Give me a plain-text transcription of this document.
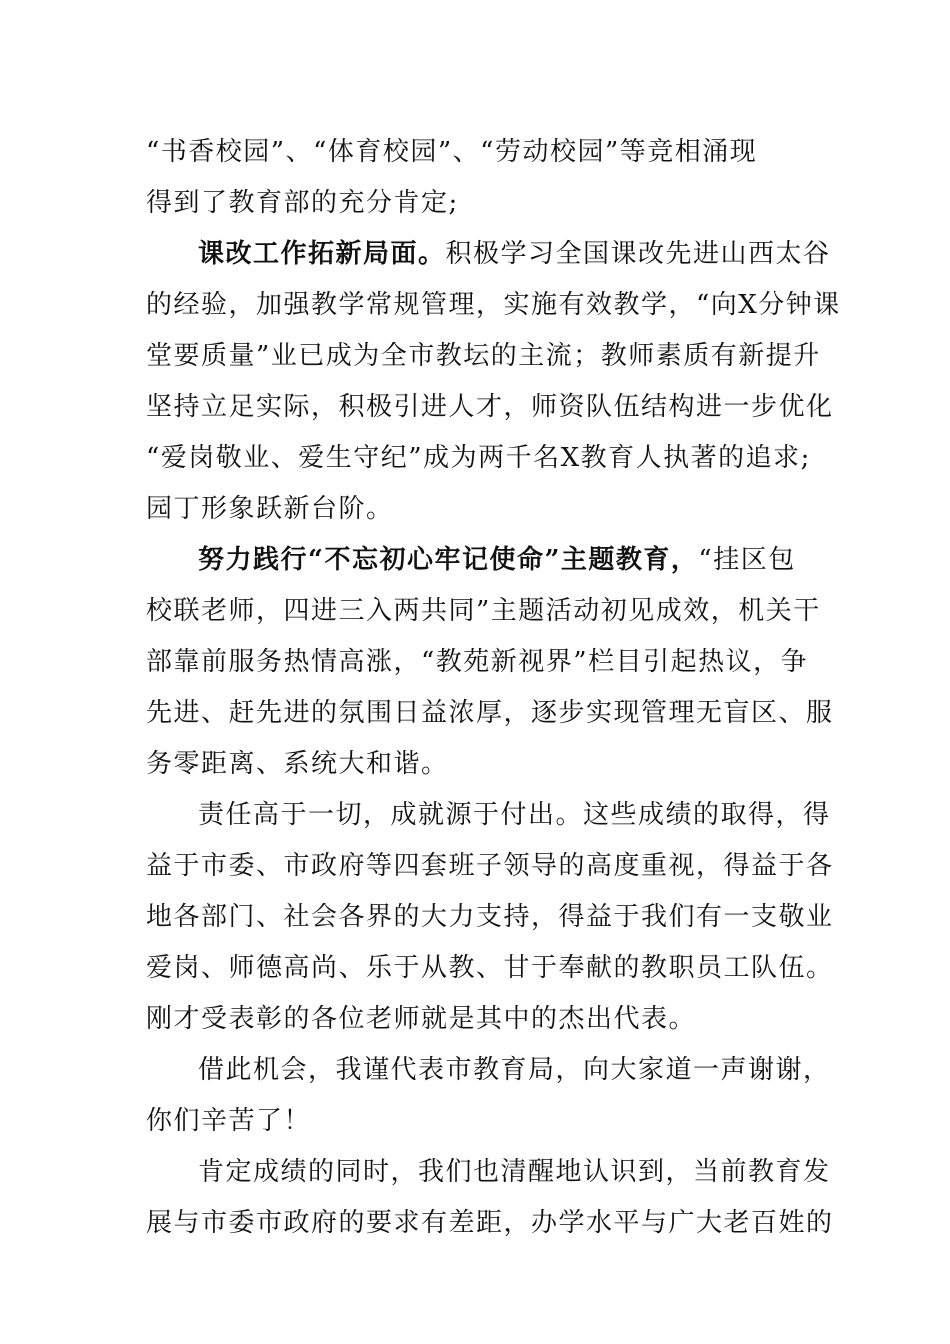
“书香校园”、“体育校园”、“劳动校园”等竞相涌现
得到了教育部的充分肯定;
课改工作拓新局面。积极学习全国课改先进山西太谷
的经验，加强教学常规管理，实施有效教学，“向X分钟课
堂要质量”业已成为全市教坛的主流；教师素质有新提升
坚持立足实际，积极引进人才，师资队伍结构进一步优化
“爱岗敬业、爱生守纪”成为两千名X教育人执著的追求;
园丁形象跃新台阶。
努力践行“不忘初心牢记使命”主题教育，“挂区包
校联老师，四进三入两共同”主题活动初见成效，机关干
部靠前服务热情高涨，“教苑新视界”栏目引起热议，争
先进、赶先进的氛围日益浓厚，逐步实现管理无盲区、服
务零距离、系统大和谐。
责任高于一切，成就源于付出。这些成绩的取得，得
益于市委、市政府等四套班子领导的高度重视，得益于各
地各部门、社会各界的大力支持，得益于我们有一支敬业
爱岗、师德高尚、乐于从教、甘于奉献的教职员工队伍。
刚才受表彰的各位老师就是其中的杰出代表。
借此机会，我谨代表市教育局，向大家道一声谢谢，
你们辛苦了！
肯定成绩的同时，我们也清醒地认识到，当前教育发
展与市委市政府的要求有差距，办学水平与广大老百姓的
